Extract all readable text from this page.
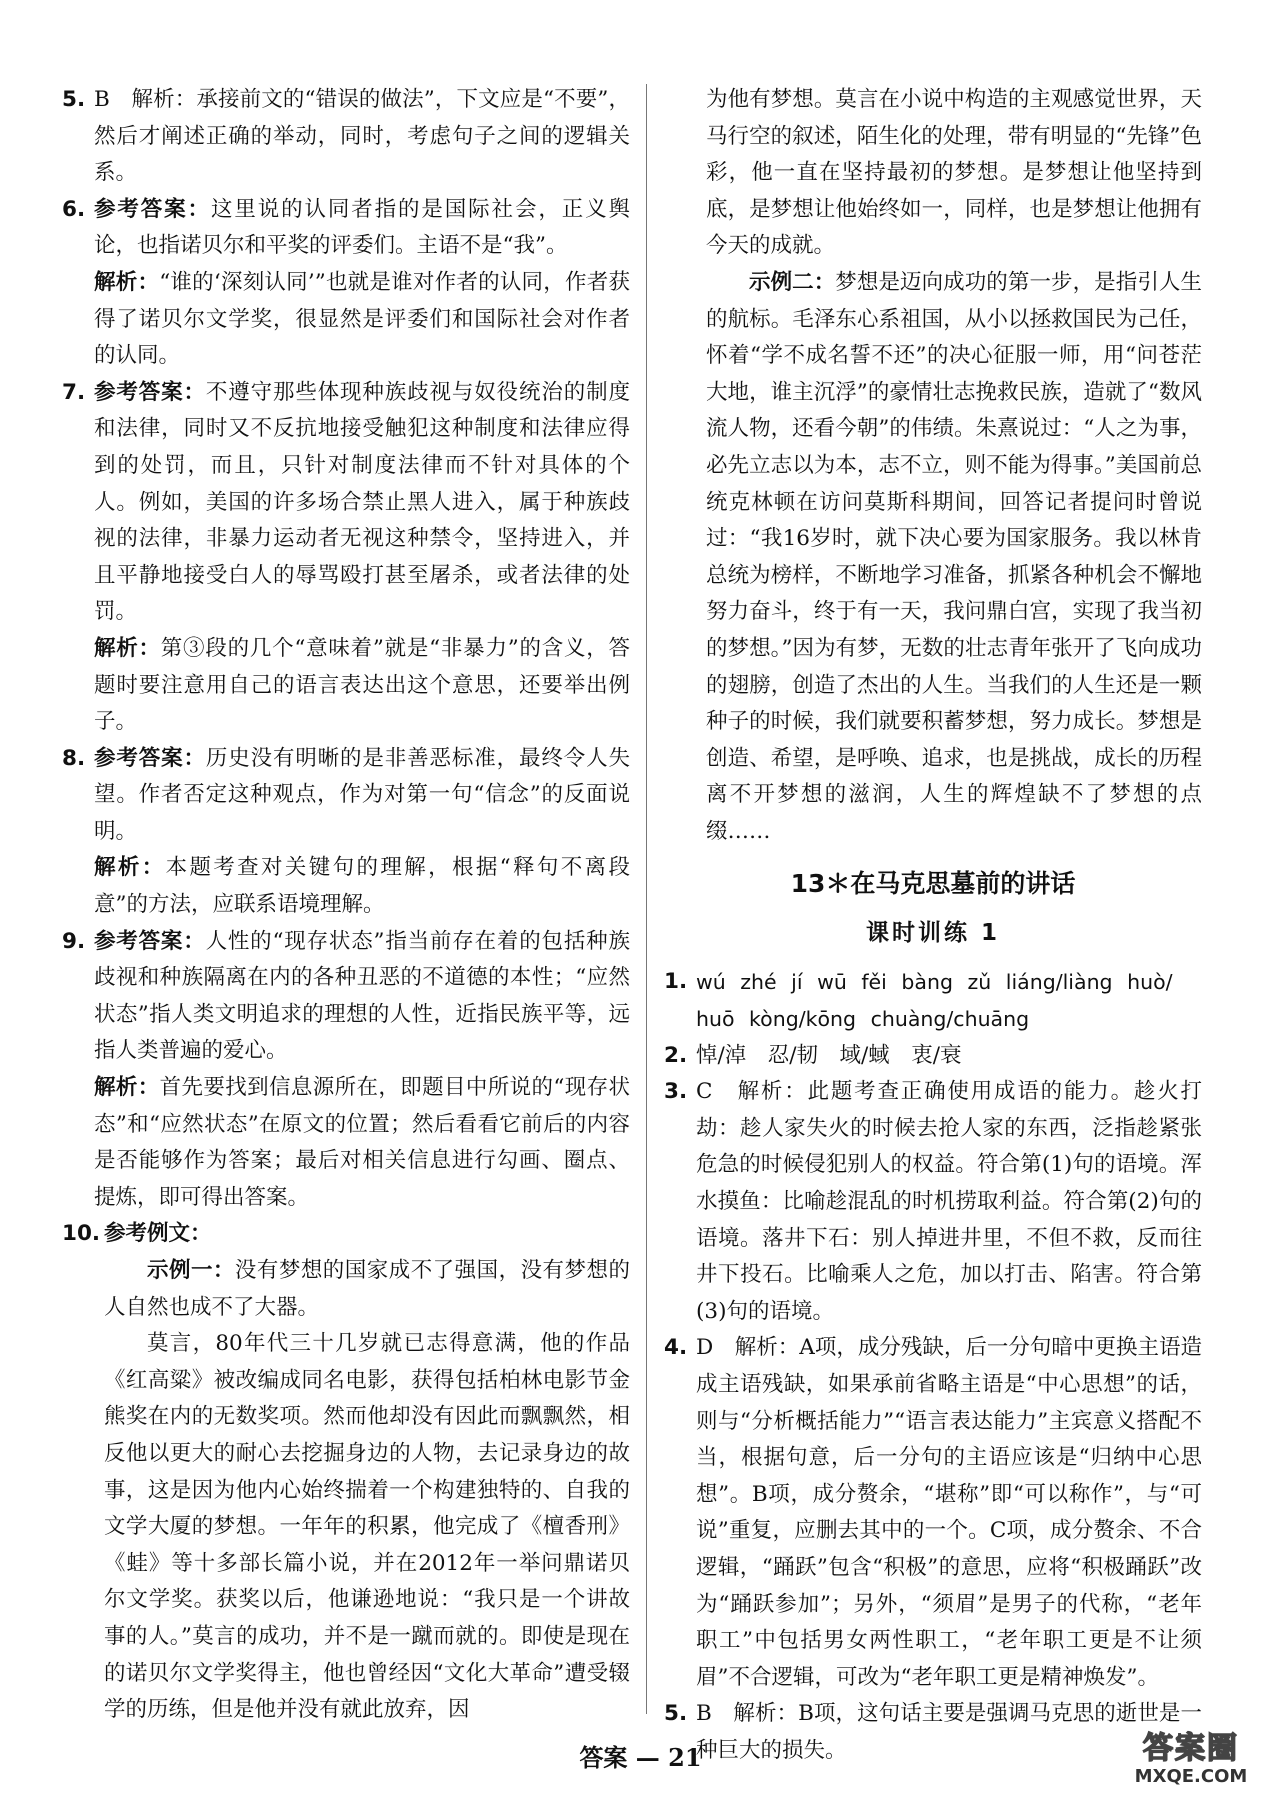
5. B　解析：承接前文的“错误的做法”，下文应是“不要”，然后才阐述正确的举动，同时，考虑句子之间的逻辑关系。

6. 参考答案：这里说的认同者指的是国际社会，正义舆论，也指诺贝尔和平奖的评委们。主语不是“我”。

解析：“谁的‘深刻认同’”也就是谁对作者的认同，作者获得了诺贝尔文学奖，很显然是评委们和国际社会对作者的认同。

7. 参考答案：不遵守那些体现种族歧视与奴役统治的制度和法律，同时又不反抗地接受触犯这种制度和法律应得到的处罚，而且，只针对制度法律而不针对具体的个人。例如，美国的许多场合禁止黑人进入，属于种族歧视的法律，非暴力运动者无视这种禁令，坚持进入，并且平静地接受白人的辱骂殴打甚至屠杀，或者法律的处罚。

解析：第③段的几个“意味着”就是“非暴力”的含义，答题时要注意用自己的语言表达出这个意思，还要举出例子。

8. 参考答案：历史没有明晰的是非善恶标准，最终令人失望。作者否定这种观点，作为对第一句“信念”的反面说明。

解析：本题考查对关键句的理解，根据“释句不离段意”的方法，应联系语境理解。

9. 参考答案：人性的“现存状态”指当前存在着的包括种族歧视和种族隔离在内的各种丑恶的不道德的本性；“应然状态”指人类文明追求的理想的人性，近指民族平等，远指人类普遍的爱心。

解析：首先要找到信息源所在，即题目中所说的“现存状态”和“应然状态”在原文的位置；然后看看它前后的内容是否能够作为答案；最后对相关信息进行勾画、圈点、提炼，即可得出答案。

10. 参考例文：

示例一：没有梦想的国家成不了强国，没有梦想的人自然也成不了大器。

莫言，80年代三十几岁就已志得意满，他的作品《红高粱》被改编成同名电影，获得包括柏林电影节金熊奖在内的无数奖项。然而他却没有因此而飘飘然，相反他以更大的耐心去挖掘身边的人物，去记录身边的故事，这是因为他内心始终揣着一个构建独特的、自我的文学大厦的梦想。一年年的积累，他完成了《檀香刑》《蛙》等十多部长篇小说，并在2012年一举问鼎诺贝尔文学奖。获奖以后，他谦逊地说：“我只是一个讲故事的人。”莫言的成功，并不是一蹴而就的。即使是现在的诺贝尔文学奖得主，他也曾经因“文化大革命”遭受辍学的历练，但是他并没有就此放弃，因

为他有梦想。莫言在小说中构造的主观感觉世界，天马行空的叙述，陌生化的处理，带有明显的“先锋”色彩，他一直在坚持最初的梦想。是梦想让他坚持到底，是梦想让他始终如一，同样，也是梦想让他拥有今天的成就。

示例二：梦想是迈向成功的第一步，是指引人生的航标。毛泽东心系祖国，从小以拯救国民为己任，怀着“学不成名誓不还”的决心征服一师，用“问苍茫大地，谁主沉浮”的豪情壮志挽救民族，造就了“数风流人物，还看今朝”的伟绩。朱熹说过：“人之为事，必先立志以为本，志不立，则不能为得事。”美国前总统克林顿在访问莫斯科期间，回答记者提问时曾说过：“我16岁时，就下决心要为国家服务。我以林肯总统为榜样，不断地学习准备，抓紧各种机会不懈地努力奋斗，终于有一天，我问鼎白宫，实现了我当初的梦想。”因为有梦，无数的壮志青年张开了飞向成功的翅膀，创造了杰出的人生。当我们的人生还是一颗种子的时候，我们就要积蓄梦想，努力成长。梦想是创造、希望，是呼唤、追求，也是挑战，成长的历程离不开梦想的滋润，人生的辉煌缺不了梦想的点缀……

13＊在马克思墓前的讲话
课时训练 1
1. wú zhé jí wū fěi bàng zǔ liáng/liàng huò/

huō kòng/kōng chuàng/chuāng

2. 悼/淖　忍/韧　域/蜮　衷/衰

3. C　解析：此题考查正确使用成语的能力。趁火打劫：趁人家失火的时候去抢人家的东西，泛指趁紧张危急的时候侵犯别人的权益。符合第(1)句的语境。浑水摸鱼：比喻趁混乱的时机捞取利益。符合第(2)句的语境。落井下石：别人掉进井里，不但不救，反而往井下投石。比喻乘人之危，加以打击、陷害。符合第(3)句的语境。

4. D　解析：A项，成分残缺，后一分句暗中更换主语造成主语残缺，如果承前省略主语是“中心思想”的话，则与“分析概括能力”“语言表达能力”主宾意义搭配不当，根据句意，后一分句的主语应该是“归纳中心思想”。B项，成分赘余，“堪称”即“可以称作”，与“可说”重复，应删去其中的一个。C项，成分赘余、不合逻辑，“踊跃”包含“积极”的意思，应将“积极踊跃”改为“踊跃参加”；另外，“须眉”是男子的代称，“老年职工”中包括男女两性职工，“老年职工更是不让须眉”不合逻辑，可改为“老年职工更是精神焕发”。

5. B　解析：B项，这句话主要是强调马克思的逝世是一种巨大的损失。

答案 — 21	答案圈
MXQE.COM
